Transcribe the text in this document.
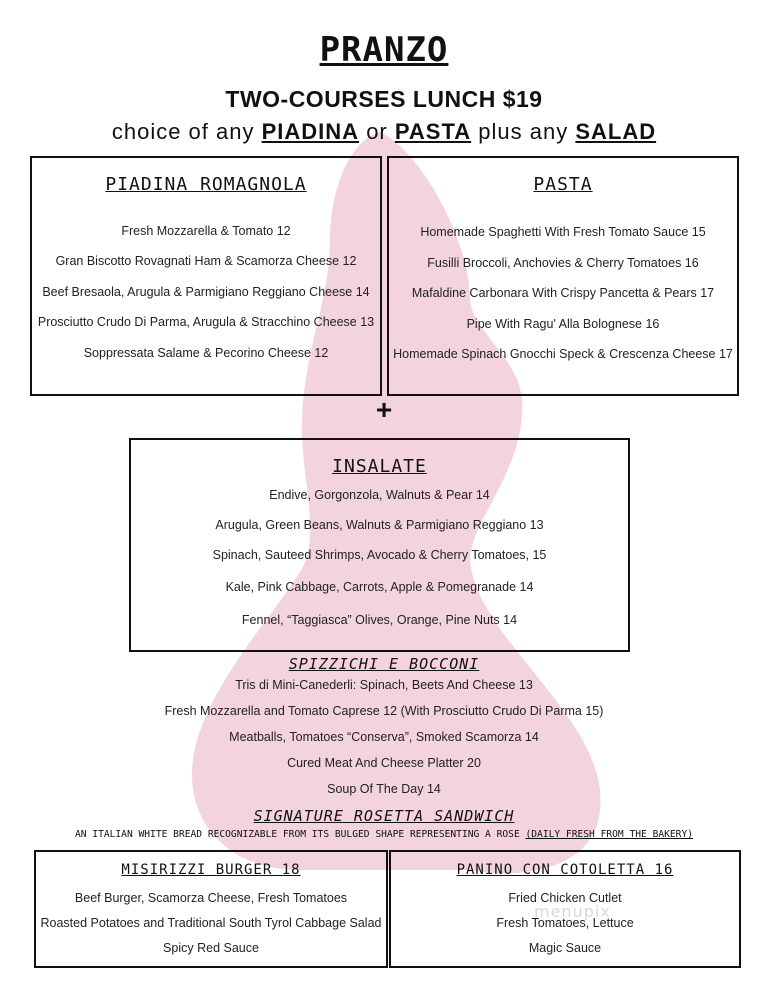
PRANZO
TWO-COURSES LUNCH $19
choice of any PIADINA or PASTA plus any SALAD
PIADINA ROMAGNOLA
Fresh Mozzarella & Tomato 12
Gran Biscotto Rovagnati Ham & Scamorza Cheese 12
Beef Bresaola, Arugula & Parmigiano Reggiano Cheese 14
Prosciutto Crudo Di Parma, Arugula & Stracchino Cheese 13
Soppressata Salame & Pecorino Cheese 12
PASTA
Homemade Spaghetti With Fresh Tomato Sauce 15
Fusilli Broccoli, Anchovies & Cherry Tomatoes 16
Mafaldine Carbonara With Crispy Pancetta & Pears 17
Pipe With Ragu' Alla Bolognese 16
Homemade Spinach Gnocchi Speck & Crescenza Cheese 17
+
INSALATE
Endive, Gorgonzola, Walnuts & Pear 14
Arugula, Green Beans, Walnuts & Parmigiano Reggiano 13
Spinach, Sauteed Shrimps, Avocado & Cherry Tomatoes, 15
Kale, Pink Cabbage, Carrots, Apple & Pomegranade 14
Fennel, “Taggiasca” Olives, Orange, Pine Nuts 14
SPIZZICHI E BOCCONI
Tris di Mini-Canederli: Spinach, Beets And Cheese 13
Fresh Mozzarella and Tomato Caprese 12 (With Prosciutto Crudo Di Parma 15)
Meatballs, Tomatoes “Conserva”, Smoked Scamorza 14
Cured Meat And Cheese Platter 20
Soup Of The Day 14
SIGNATURE ROSETTA SANDWICH
AN ITALIAN WHITE BREAD RECOGNIZABLE FROM ITS BULGED SHAPE REPRESENTING A ROSE (DAILY FRESH FROM THE BAKERY)
MISIRIZZI BURGER 18
Beef Burger, Scamorza Cheese, Fresh Tomatoes
Roasted Potatoes and Traditional South Tyrol Cabbage Salad
Spicy Red Sauce
PANINO CON COTOLETTA 16
Fried Chicken Cutlet
Fresh Tomatoes, Lettuce
Magic Sauce
menupix
